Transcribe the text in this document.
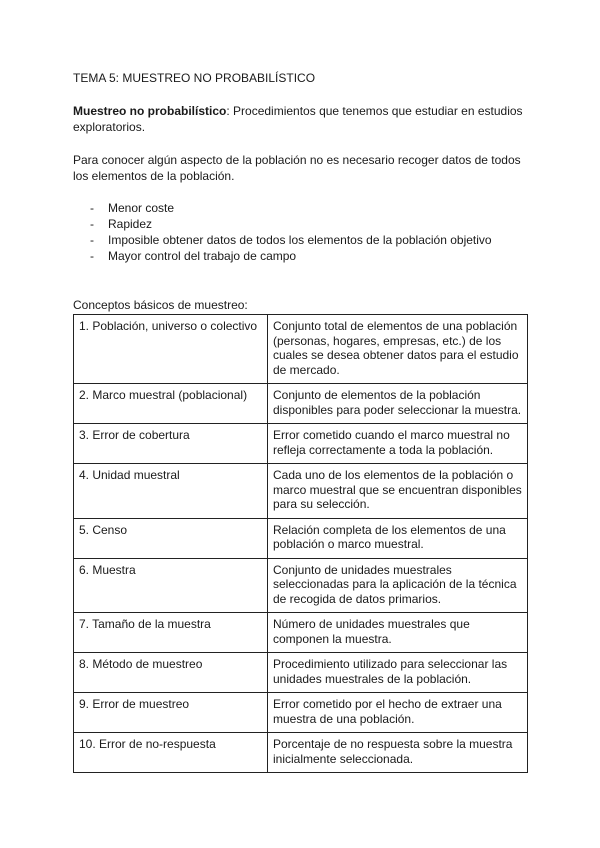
TEMA 5: MUESTREO NO PROBABILÍSTICO

Muestreo no probabilístico: Procedimientos que tenemos que estudiar en estudios exploratorios.

Para conocer algún aspecto de la población no es necesario recoger datos de todos los elementos de la población.

- Menor coste
- Rapidez
- Imposible obtener datos de todos los elementos de la población objetivo
- Mayor control del trabajo de campo

Conceptos básicos de muestreo:

1. Población, universo o colectivo	Conjunto total de elementos de una población (personas, hogares, empresas, etc.) de los cuales se desea obtener datos para el estudio de mercado.
2. Marco muestral (poblacional)	Conjunto de elementos de la población disponibles para poder seleccionar la muestra.
3. Error de cobertura	Error cometido cuando el marco muestral no refleja correctamente a toda la población.
4. Unidad muestral	Cada uno de los elementos de la población o marco muestral que se encuentran disponibles para su selección.
5. Censo	Relación completa de los elementos de una población o marco muestral.
6. Muestra	Conjunto de unidades muestrales seleccionadas para la aplicación de la técnica de recogida de datos primarios.
7. Tamaño de la muestra	Número de unidades muestrales que componen la muestra.
8. Método de muestreo	Procedimiento utilizado para seleccionar las unidades muestrales de la población.
9. Error de muestreo	Error cometido por el hecho de extraer una muestra de una población.
10. Error de no-respuesta	Porcentaje de no respuesta sobre la muestra inicialmente seleccionada.
